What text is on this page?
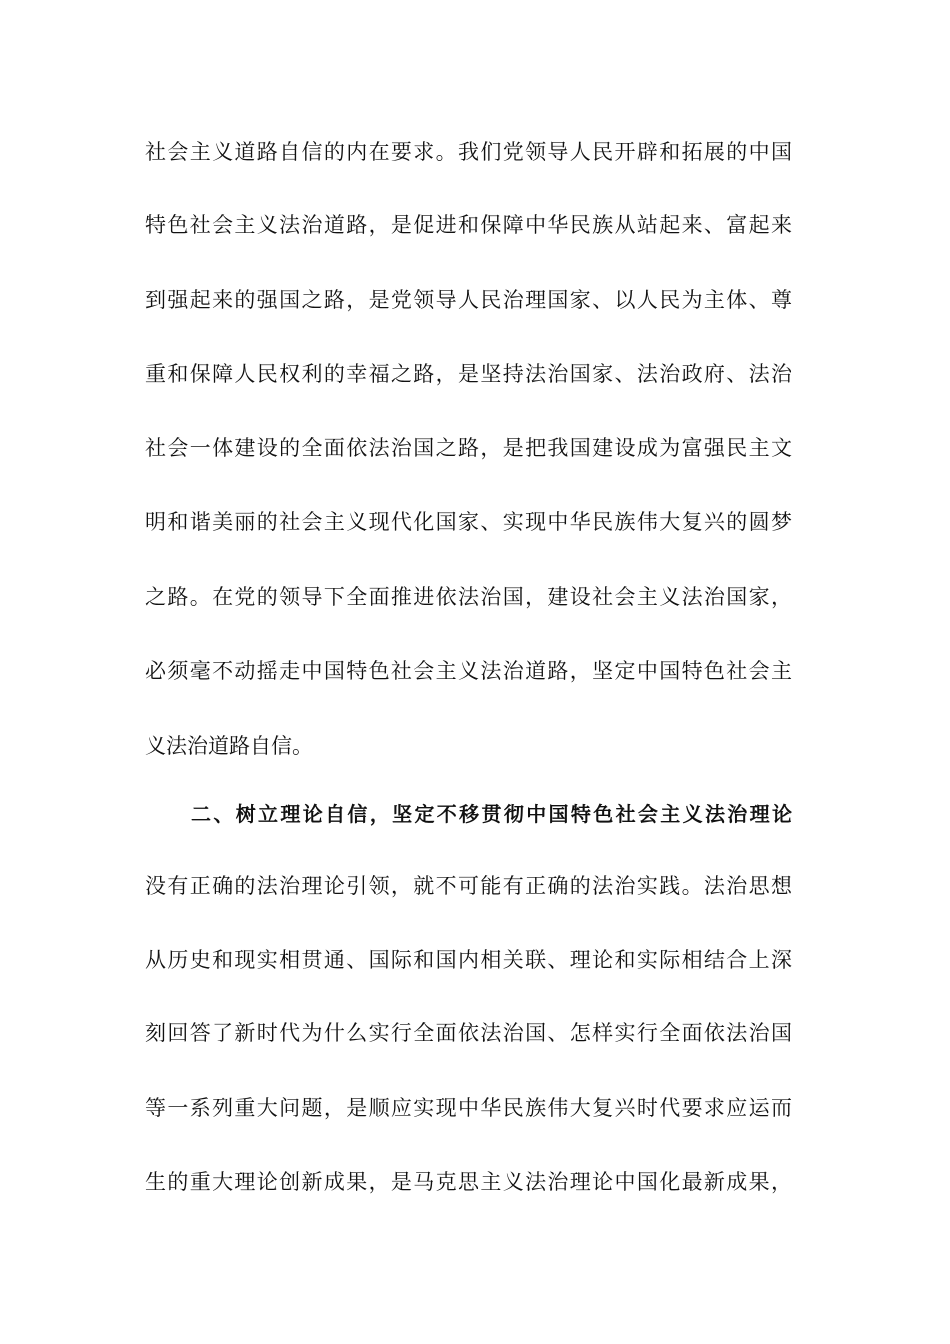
社会主义道路自信的内在要求。我们党领导人民开辟和拓展的中国
特色社会主义法治道路，是促进和保障中华民族从站起来、富起来
到强起来的强国之路，是党领导人民治理国家、以人民为主体、尊
重和保障人民权利的幸福之路，是坚持法治国家、法治政府、法治
社会一体建设的全面依法治国之路，是把我国建设成为富强民主文
明和谐美丽的社会主义现代化国家、实现中华民族伟大复兴的圆梦
之路。在党的领导下全面推进依法治国，建设社会主义法治国家，
必须毫不动摇走中国特色社会主义法治道路，坚定中国特色社会主
义法治道路自信。
二、树立理论自信，坚定不移贯彻中国特色社会主义法治理论
没有正确的法治理论引领，就不可能有正确的法治实践。法治思想
从历史和现实相贯通、国际和国内相关联、理论和实际相结合上深
刻回答了新时代为什么实行全面依法治国、怎样实行全面依法治国
等一系列重大问题，是顺应实现中华民族伟大复兴时代要求应运而
生的重大理论创新成果，是马克思主义法治理论中国化最新成果，
